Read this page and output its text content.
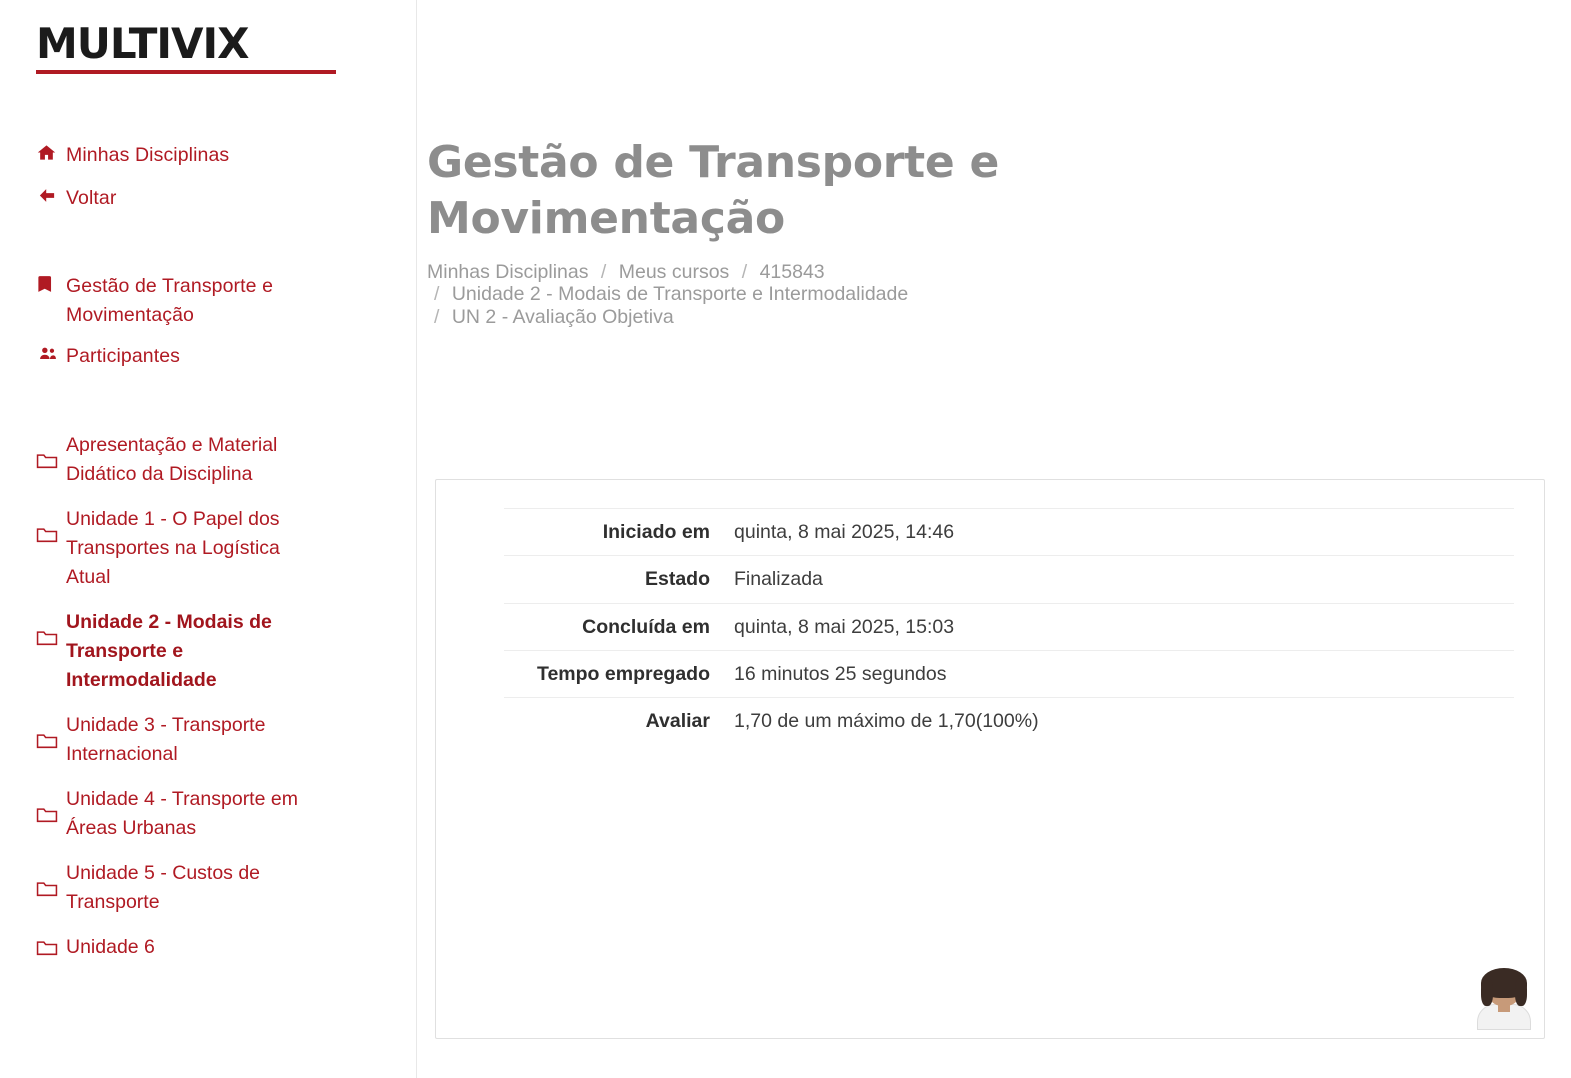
MULTIVIX
Minhas Disciplinas
Voltar
Gestão de Transporte e Movimentação
Participantes
Apresentação e Material Didático da Disciplina
Unidade 1 - O Papel dos Transportes na Logística Atual
Unidade 2 - Modais de Transporte e Intermodalidade
Unidade 3 - Transporte Internacional
Unidade 4 - Transporte em Áreas Urbanas
Unidade 5 - Custos de Transporte
Unidade 6
Gestão de Transporte e Movimentação
Minhas Disciplinas / Meus cursos / 415843
/ Unidade 2 - Modais de Transporte e Intermodalidade
/ UN 2 - Avaliação Objetiva
Iniciado em	quinta, 8 mai 2025, 14:46
Estado	Finalizada
Concluída em	quinta, 8 mai 2025, 15:03
Tempo empregado	16 minutos 25 segundos
Avaliar	1,70 de um máximo de 1,70(100%)
